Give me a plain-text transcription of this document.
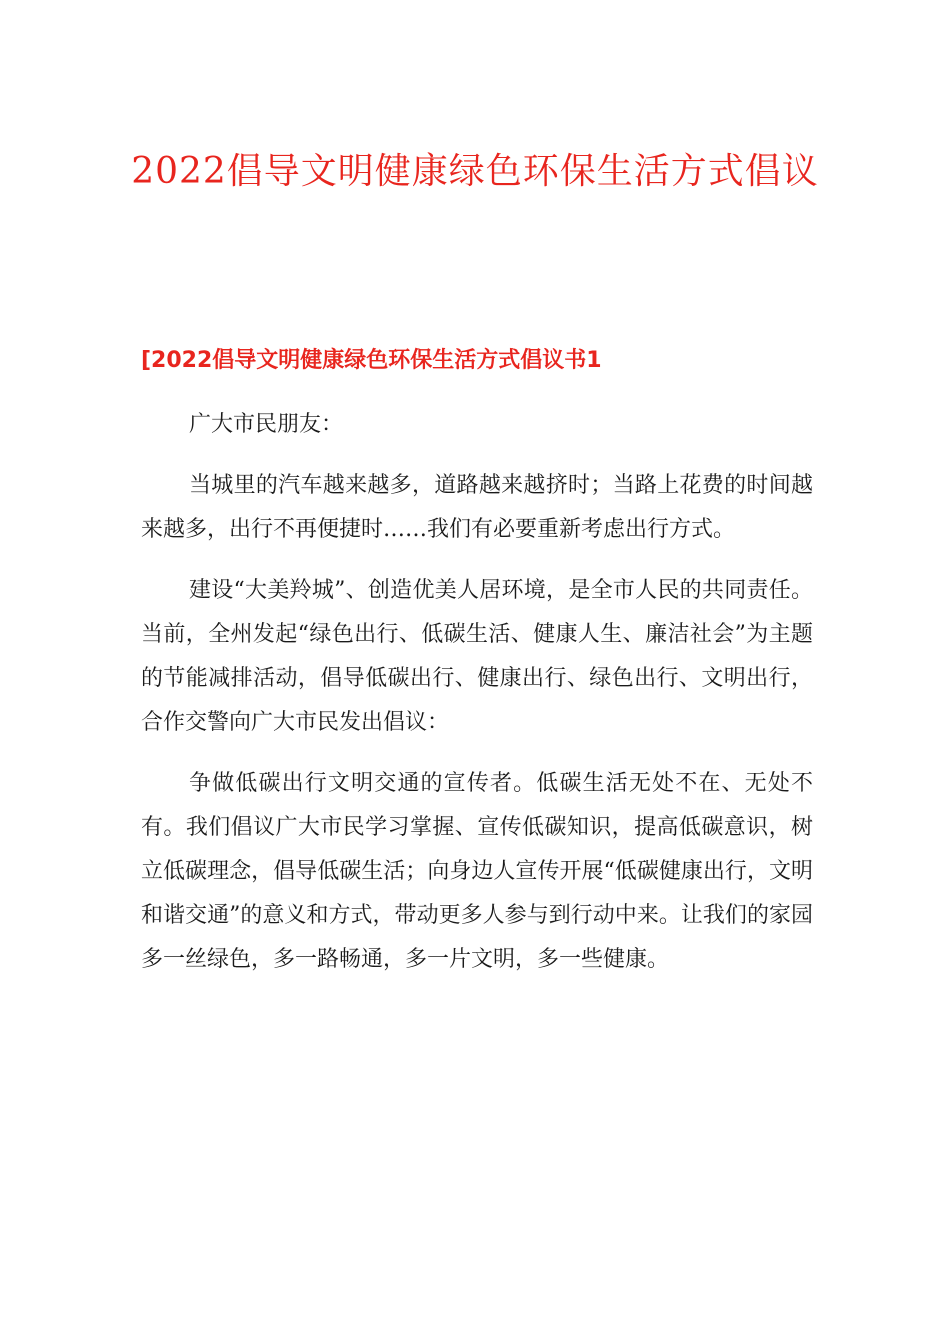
2022倡导文明健康绿色环保生活方式倡议
[2022倡导文明健康绿色环保生活方式倡议书1

广大市民朋友：

当城里的汽车越来越多，道路越来越挤时；当路上花费的时间越来越多，出行不再便捷时……我们有必要重新考虑出行方式。

建设“大美羚城”、创造优美人居环境，是全市人民的共同责任。当前，全州发起“绿色出行、低碳生活、健康人生、廉洁社会”为主题的节能减排活动，倡导低碳出行、健康出行、绿色出行、文明出行，合作交警向广大市民发出倡议：

争做低碳出行文明交通的宣传者。低碳生活无处不在、无处不有。我们倡议广大市民学习掌握、宣传低碳知识，提高低碳意识，树立低碳理念，倡导低碳生活；向身边人宣传开展“低碳健康出行，文明和谐交通”的意义和方式，带动更多人参与到行动中来。让我们的家园多一丝绿色，多一路畅通，多一片文明，多一些健康。
